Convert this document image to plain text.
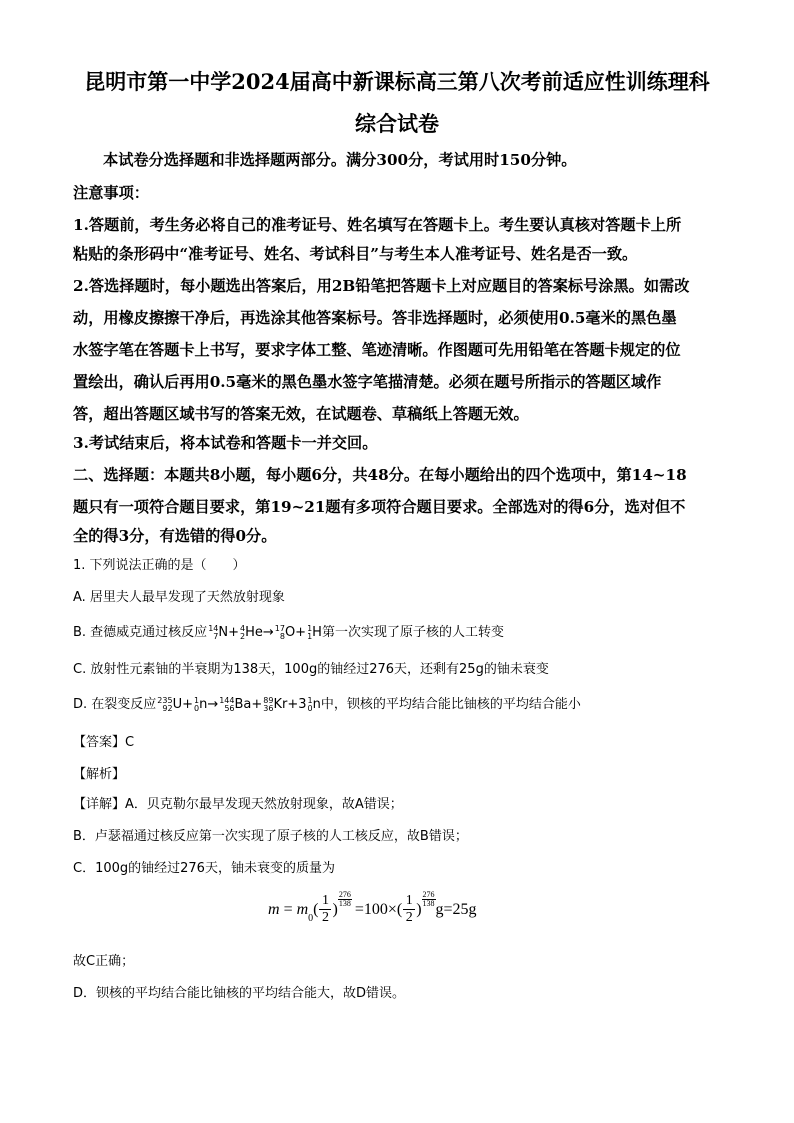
昆明市第一中学2024届高中新课标高三第八次考前适应性训练理科
综合试卷
本试卷分选择题和非选择题两部分。满分300分，考试用时150分钟。
注意事项：
1.答题前，考生务必将自己的准考证号、姓名填写在答题卡上。考生要认真核对答题卡上所
粘贴的条形码中“准考证号、姓名、考试科目”与考生本人准考证号、姓名是否一致。
2.答选择题时，每小题选出答案后，用2B铅笔把答题卡上对应题目的答案标号涂黑。如需改
动，用橡皮擦擦干净后，再选涂其他答案标号。答非选择题时，必须使用0.5毫米的黑色墨
水签字笔在答题卡上书写，要求字体工整、笔迹清晰。作图题可先用铅笔在答题卡规定的位
置绘出，确认后再用0.5毫米的黑色墨水签字笔描清楚。必须在题号所指示的答题区域作
答，超出答题区域书写的答案无效，在试题卷、草稿纸上答题无效。
3.考试结束后，将本试卷和答题卡一并交回。
二、选择题：本题共8小题，每小题6分，共48分。在每小题给出的四个选项中，第14~18
题只有一项符合题目要求，第19~21题有多项符合题目要求。全部选对的得6分，选对但不
全的得3分，有选错的得0分。
1. 下列说法正确的是（　　）
A. 居里夫人最早发现了天然放射现象
B. 查德威克通过核反应 14
7 N+ 4
2 He→ 17
8 O+ 1
1 H第一次实现了原子核的人工转变
C. 放射性元素铀的半衰期为138天，100g的铀经过276天，还剩有25g的铀未衰变
D. 在裂变反应 235
92 U+ 1
0 n→ 144
56 Ba+ 89
36 Kr+3 1
0 n中，钡核的平均结合能比铀核的平均结合能小
【答案】C
【解析】
【详解】A．贝克勒尔最早发现天然放射现象，故A错误；
B．卢瑟福通过核反应第一次实现了原子核的人工核反应，故B错误；
C．100g的铀经过276天，铀未衰变的质量为
m = m
$_0$
( $\frac{1}{2}$ )
276
$138 =100\times( \frac{1}{2}$ )
276
138 g=25g
故C正确；
D．钡核的平均结合能比铀核的平均结合能大，故D错误。
